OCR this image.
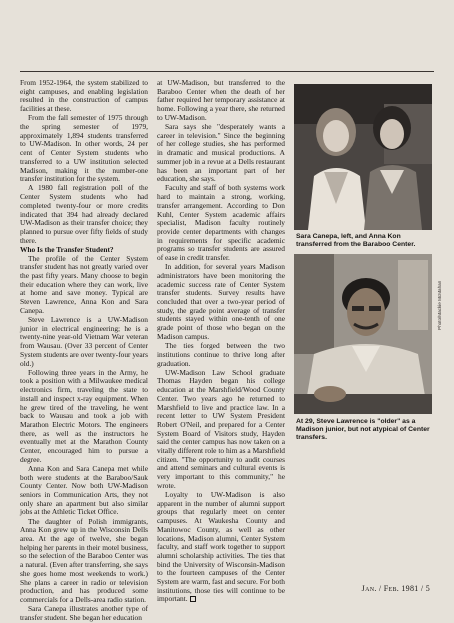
From 1952-1964, the system stabilized to eight campuses, and enabling legislation resulted in the construction of campus facilities at these.

From the fall semester of 1975 through the spring semester of 1979, approximately 1,894 students transferred to UW-Madison. In other words, 24 per cent of Center System students who transferred to a UW institution selected Madison, making it the number-one transfer institution for the system.

A 1980 fall registration poll of the Center System students who had completed twenty-four or more credits indicated that 394 had already declared UW-Madison as their transfer choice; they planned to pursue over fifty fields of study there.

Who Is the Transfer Student?

The profile of the Center System transfer student has not greatly varied over the past fifty years. Many choose to begin their education where they can work, live at home and save money. Typical are Steven Lawrence, Anna Kon and Sara Canepa.

Steve Lawrence is a UW-Madison junior in electrical engineering; he is a twenty-nine year-old Vietnam War veteran from Wausau. (Over 33 percent of Center System students are over twenty-four years old.)

Following three years in the Army, he took a position with a Milwaukee medical electronics firm, traveling the state to install and inspect x-ray equipment. When he grew tired of the traveling, he went back to Wausau and took a job with Marathon Electric Motors. The engineers there, as well as the instructors he eventually met at the Marathon County Center, encouraged him to pursue a degree.

Anna Kon and Sara Canepa met while both were students at the Baraboo/Sauk County Center. Now both UW-Madison seniors in Communication Arts, they not only share an apartment but also similar jobs at the Athletic Ticket Office.

The daughter of Polish immigrants, Anna Kon grew up in the Wisconsin Dells area. At the age of twelve, she began helping her parents in their motel business, so the selection of the Baraboo Center was a natural. (Even after transferring, she says she goes home most weekends to work.) She plans a career in radio or television production, and has produced some commercials for a Dells-area radio station.

Sara Canepa illustrates another type of transfer student. She began her education

at UW-Madison, but transferred to the Baraboo Center when the death of her father required her temporary assistance at home. Following a year there, she returned to UW-Madison.

Sara says she "desperately wants a career in television." Since the beginning of her college studies, she has performed in dramatic and musical productions. A summer job in a revue at a Dells restaurant has been an important part of her education, she says.

Faculty and staff of both systems work hard to maintain a strong, working, transfer arrangement. According to Don Kuhl, Center System academic affairs specialist, Madison faculty routinely provide center departments with changes in requirements for specific academic programs so transfer students are assured of ease in credit transfer.

In addition, for several years Madison administrators have been monitoring the academic success rate of Center System transfer students. Survey results have concluded that over a two-year period of study, the grade point average of transfer students stayed within one-tenth of one grade point of those who began on the Madison campus.

The ties forged between the two institutions continue to thrive long after graduation.

UW-Madison Law School graduate Thomas Hayden began his college education at the Marshfield/Wood County Center. Two years ago he returned to Marshfield to live and practice law. In a recent letter to UW System President Robert O'Neil, and prepared for a Center System Board of Visitors study, Hayden said the center campus has now taken on a vitally different role to him as a Marshfield citizen. "The opportunity to audit courses and attend seminars and cultural events is very important to this community," he wrote.

Loyalty to UW-Madison is also apparent in the number of alumni support groups that regularly meet on center campuses. At Waukesha County and Manitowoc County, as well as other locations, Madison alumni, Center System faculty, and staff work together to support alumni scholarship activities. The ties that bind the University of Wisconsin-Madison to the fourteen campuses of the Center System are warm, fast and secure. For both institutions, those ties will continue to be important.

Sara Canepa, left, and Anna Kon transferred from the Baraboo Center.
Photo/Mackie McMahan
At 29, Steve Lawrence is "older" as a Madison junior, but not atypical of Center transfers.
Jan. / Feb. 1981 / 5
